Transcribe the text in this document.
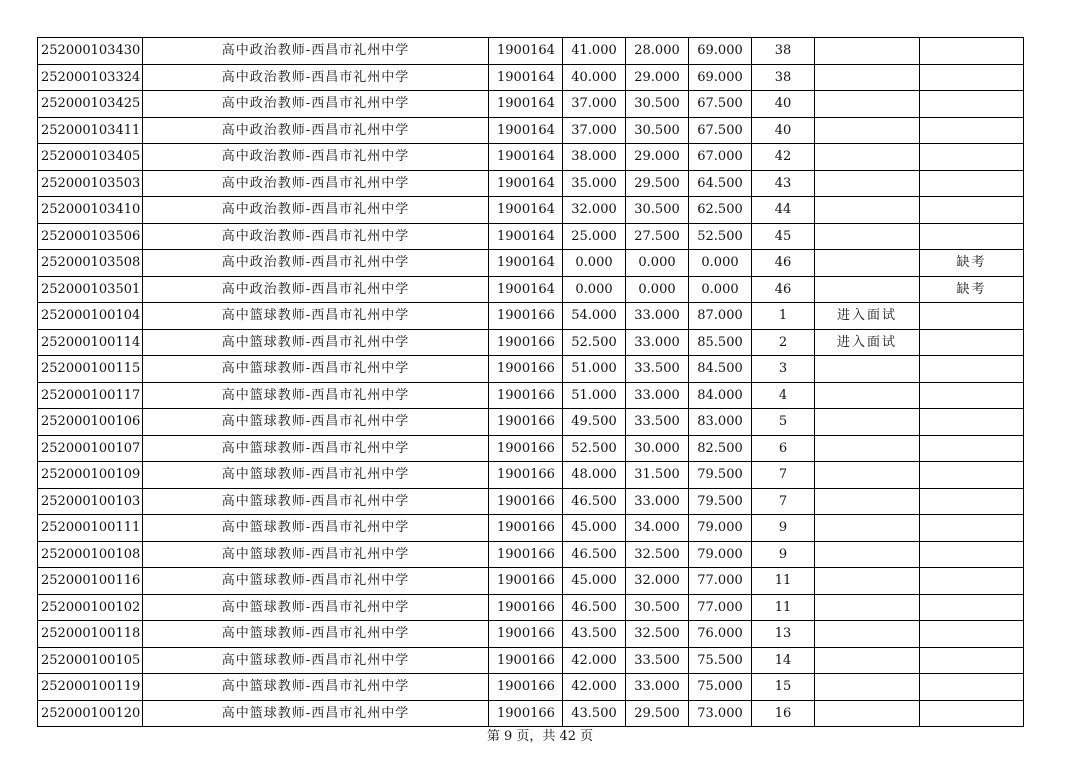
252000103430	高中政治教师-西昌市礼州中学	1900164	41.000	28.000	69.000	38		
252000103324	高中政治教师-西昌市礼州中学	1900164	40.000	29.000	69.000	38		
252000103425	高中政治教师-西昌市礼州中学	1900164	37.000	30.500	67.500	40		
252000103411	高中政治教师-西昌市礼州中学	1900164	37.000	30.500	67.500	40		
252000103405	高中政治教师-西昌市礼州中学	1900164	38.000	29.000	67.000	42		
252000103503	高中政治教师-西昌市礼州中学	1900164	35.000	29.500	64.500	43		
252000103410	高中政治教师-西昌市礼州中学	1900164	32.000	30.500	62.500	44		
252000103506	高中政治教师-西昌市礼州中学	1900164	25.000	27.500	52.500	45		
252000103508	高中政治教师-西昌市礼州中学	1900164	0.000	0.000	0.000	46		缺考
252000103501	高中政治教师-西昌市礼州中学	1900164	0.000	0.000	0.000	46		缺考
252000100104	高中篮球教师-西昌市礼州中学	1900166	54.000	33.000	87.000	1	进入面试	
252000100114	高中篮球教师-西昌市礼州中学	1900166	52.500	33.000	85.500	2	进入面试	
252000100115	高中篮球教师-西昌市礼州中学	1900166	51.000	33.500	84.500	3		
252000100117	高中篮球教师-西昌市礼州中学	1900166	51.000	33.000	84.000	4		
252000100106	高中篮球教师-西昌市礼州中学	1900166	49.500	33.500	83.000	5		
252000100107	高中篮球教师-西昌市礼州中学	1900166	52.500	30.000	82.500	6		
252000100109	高中篮球教师-西昌市礼州中学	1900166	48.000	31.500	79.500	7		
252000100103	高中篮球教师-西昌市礼州中学	1900166	46.500	33.000	79.500	7		
252000100111	高中篮球教师-西昌市礼州中学	1900166	45.000	34.000	79.000	9		
252000100108	高中篮球教师-西昌市礼州中学	1900166	46.500	32.500	79.000	9		
252000100116	高中篮球教师-西昌市礼州中学	1900166	45.000	32.000	77.000	11		
252000100102	高中篮球教师-西昌市礼州中学	1900166	46.500	30.500	77.000	11		
252000100118	高中篮球教师-西昌市礼州中学	1900166	43.500	32.500	76.000	13		
252000100105	高中篮球教师-西昌市礼州中学	1900166	42.000	33.500	75.500	14		
252000100119	高中篮球教师-西昌市礼州中学	1900166	42.000	33.000	75.000	15		
252000100120	高中篮球教师-西昌市礼州中学	1900166	43.500	29.500	73.000	16		
第 9 页，共 42 页
